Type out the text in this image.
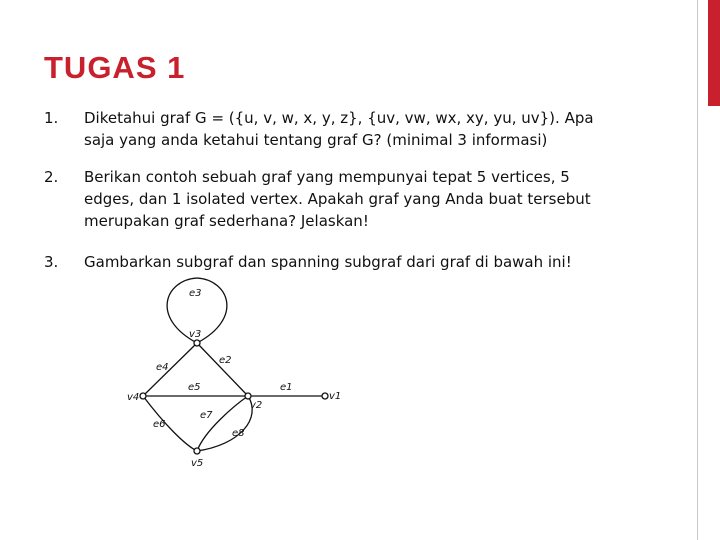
TUGAS 1
1.	Diketahui graf G = ({u, v, w, x, y, z}, {uv, vw, wx, xy, yu, uv}). Apa
saja yang anda ketahui tentang graf G? (minimal 3 informasi)
2.	Berikan contoh sebuah graf yang mempunyai tepat 5 vertices, 5
edges, dan 1 isolated vertex. Apakah graf yang Anda buat tersebut
merupakan graf sederhana? Jelaskan!
3.	Gambarkan subgraf dan spanning subgraf dari graf di bawah ini!
e3
v3
e4
e2
e5	e1
v1
v4
v2
e7
e6
e8
v5
